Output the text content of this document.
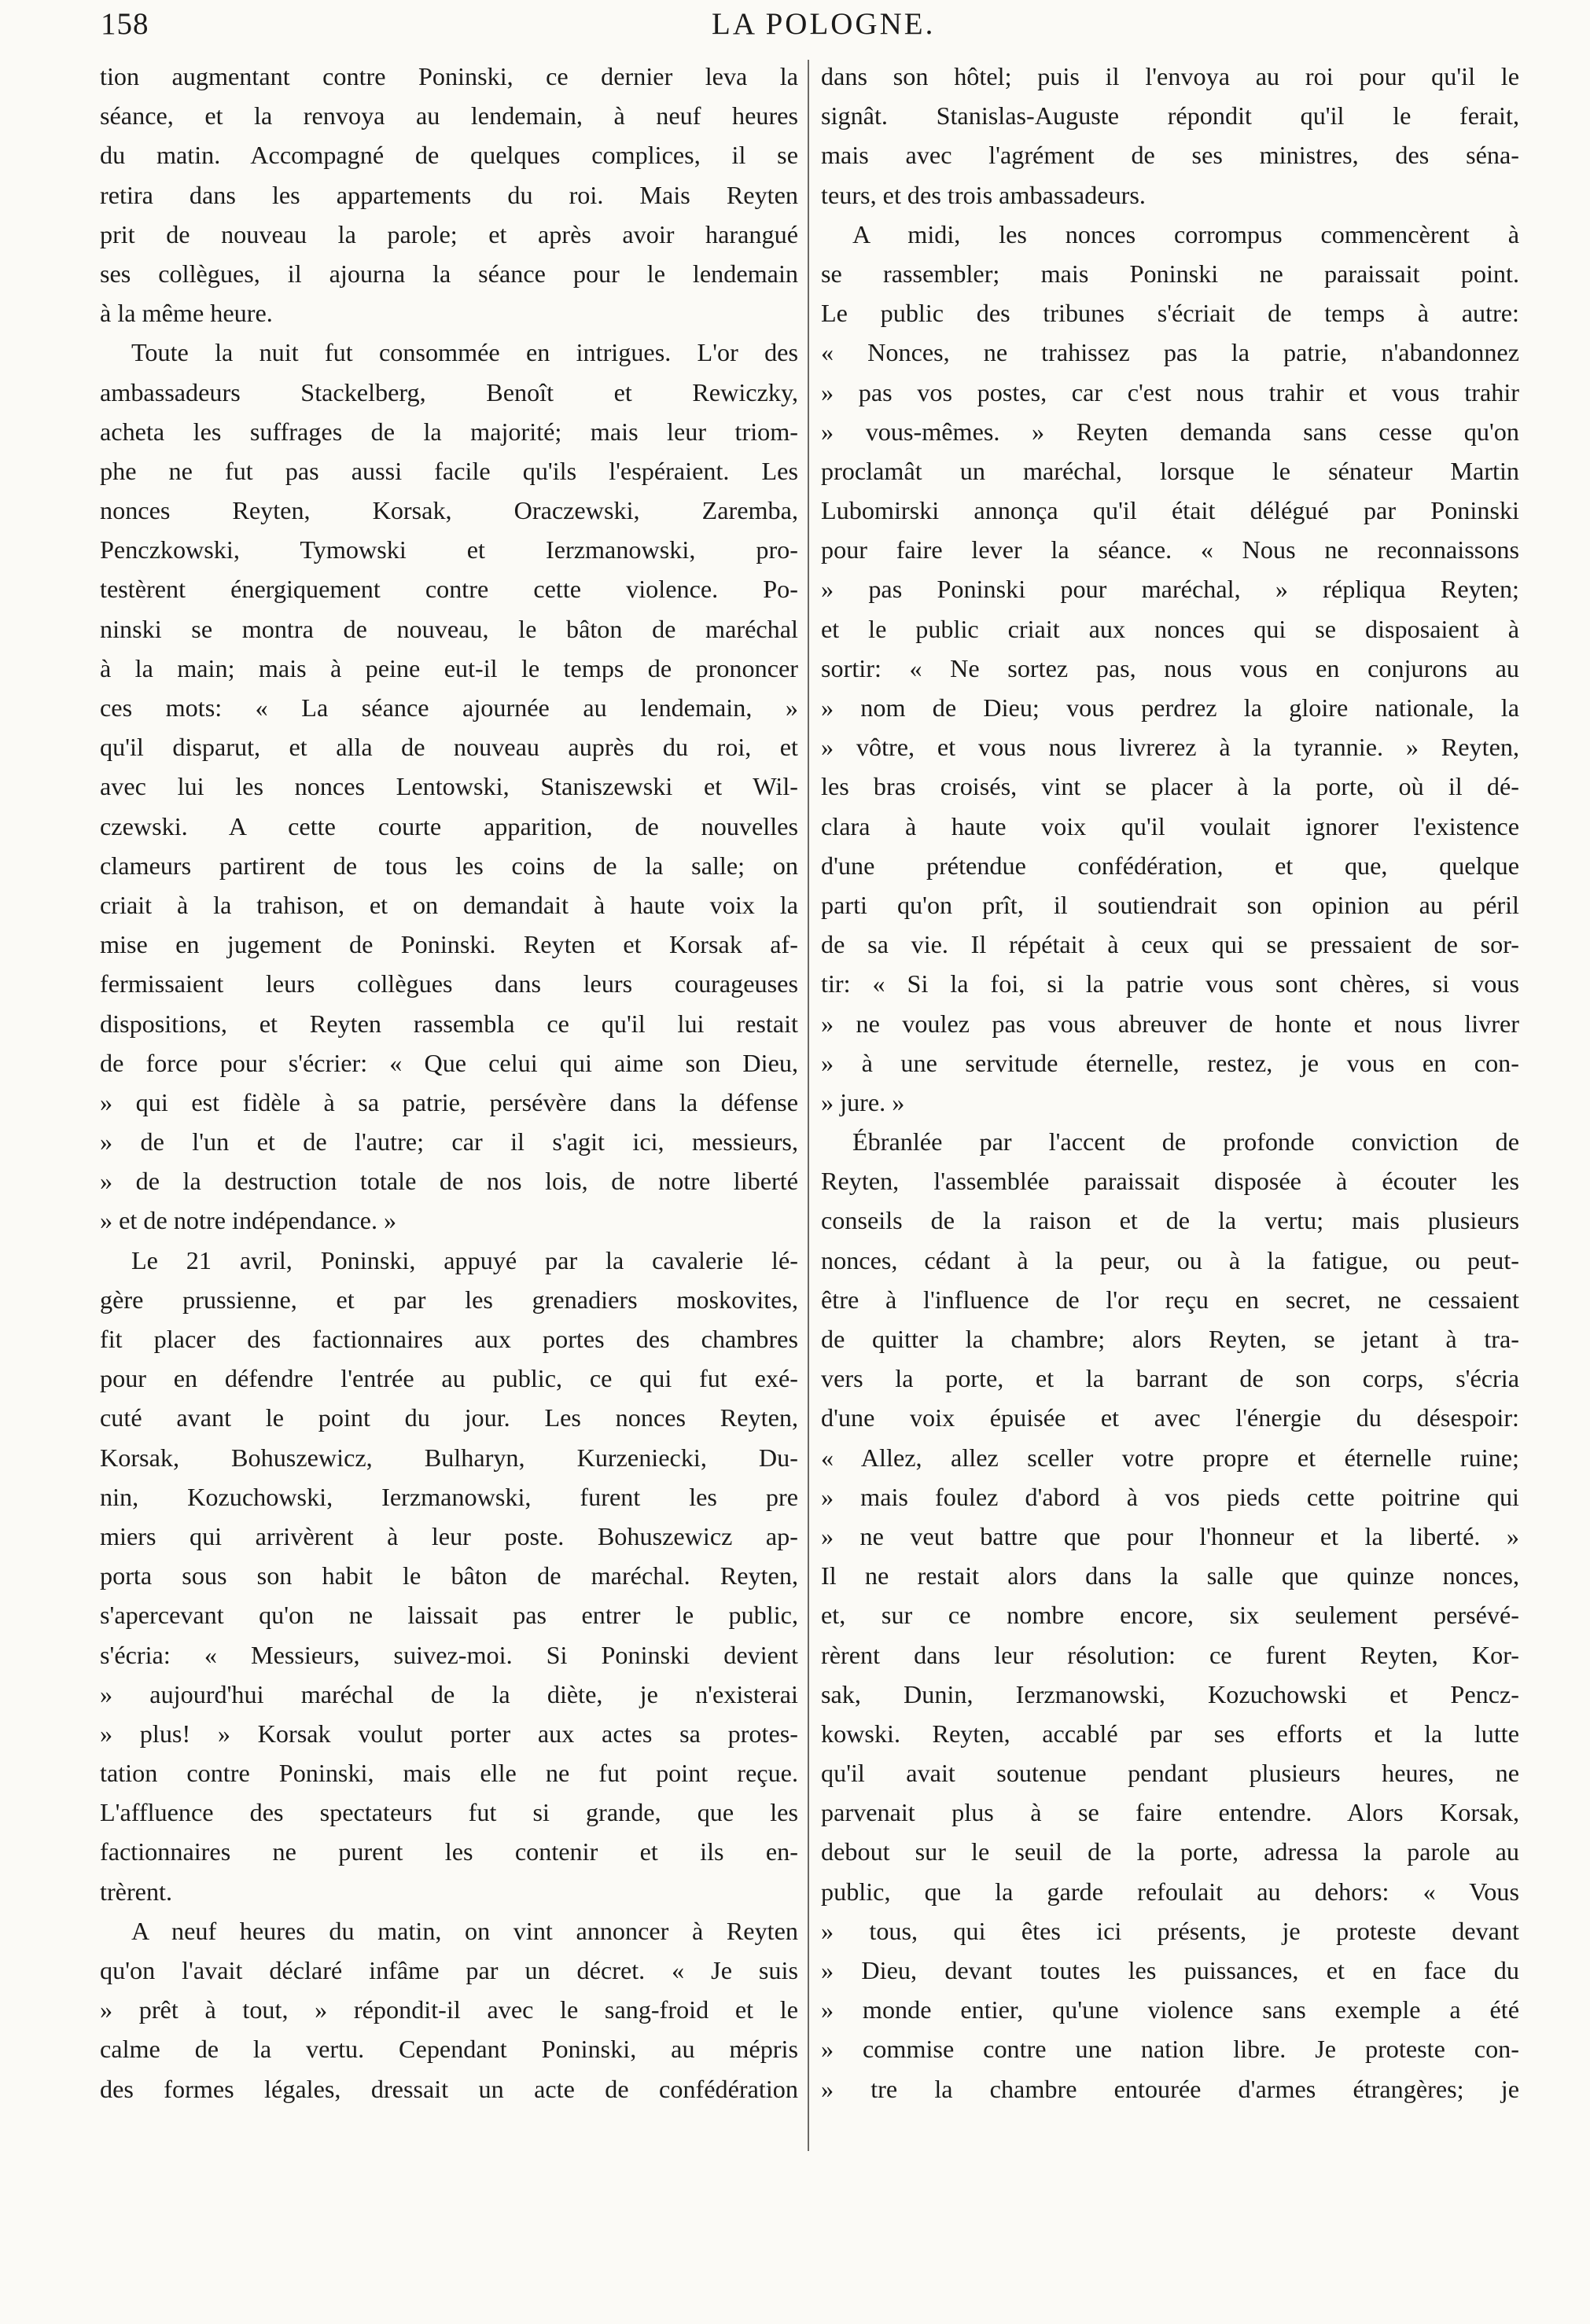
158	LA POLOGNE.
tion augmentant contre Poninski, ce dernier leva la
séance, et la renvoya au lendemain, à neuf heures
du matin. Accompagné de quelques complices, il se
retira dans les appartements du roi. Mais Reyten
prit de nouveau la parole; et après avoir harangué
ses collègues, il ajourna la séance pour le lendemain
à la même heure.
Toute la nuit fut consommée en intrigues. L'or des
ambassadeurs Stackelberg, Benoît et Rewiczky,
acheta les suffrages de la majorité; mais leur triom-
phe ne fut pas aussi facile qu'ils l'espéraient. Les
nonces Reyten, Korsak, Oraczewski, Zaremba,
Penczkowski, Tymowski et Ierzmanowski, pro-
testèrent énergiquement contre cette violence. Po-
ninski se montra de nouveau, le bâton de maréchal
à la main; mais à peine eut-il le temps de prononcer
ces mots: « La séance ajournée au lendemain, »
qu'il disparut, et alla de nouveau auprès du roi, et
avec lui les nonces Lentowski, Staniszewski et Wil-
czewski. A cette courte apparition, de nouvelles
clameurs partirent de tous les coins de la salle; on
criait à la trahison, et on demandait à haute voix la
mise en jugement de Poninski. Reyten et Korsak af-
fermissaient leurs collègues dans leurs courageuses
dispositions, et Reyten rassembla ce qu'il lui restait
de force pour s'écrier: « Que celui qui aime son Dieu,
» qui est fidèle à sa patrie, persévère dans la défense
» de l'un et de l'autre; car il s'agit ici, messieurs,
» de la destruction totale de nos lois, de notre liberté
» et de notre indépendance. »
Le 21 avril, Poninski, appuyé par la cavalerie lé-
gère prussienne, et par les grenadiers moskovites,
fit placer des factionnaires aux portes des chambres
pour en défendre l'entrée au public, ce qui fut exé-
cuté avant le point du jour. Les nonces Reyten,
Korsak, Bohuszewicz, Bulharyn, Kurzeniecki, Du-
nin, Kozuchowski, Ierzmanowski, furent les pre
miers qui arrivèrent à leur poste. Bohuszewicz ap-
porta sous son habit le bâton de maréchal. Reyten,
s'apercevant qu'on ne laissait pas entrer le public,
s'écria: « Messieurs, suivez-moi. Si Poninski devient
» aujourd'hui maréchal de la diète, je n'existerai
» plus! » Korsak voulut porter aux actes sa protes-
tation contre Poninski, mais elle ne fut point reçue.
L'affluence des spectateurs fut si grande, que les
factionnaires ne purent les contenir et ils en-
trèrent.
A neuf heures du matin, on vint annoncer à Reyten
qu'on l'avait déclaré infâme par un décret. « Je suis
» prêt à tout, » répondit-il avec le sang-froid et le
calme de la vertu. Cependant Poninski, au mépris
des formes légales, dressait un acte de confédération
dans son hôtel; puis il l'envoya au roi pour qu'il le
signât. Stanislas-Auguste répondit qu'il le ferait,
mais avec l'agrément de ses ministres, des séna-
teurs, et des trois ambassadeurs.
A midi, les nonces corrompus commencèrent à
se rassembler; mais Poninski ne paraissait point.
Le public des tribunes s'écriait de temps à autre:
« Nonces, ne trahissez pas la patrie, n'abandonnez
» pas vos postes, car c'est nous trahir et vous trahir
» vous-mêmes. » Reyten demanda sans cesse qu'on
proclamât un maréchal, lorsque le sénateur Martin
Lubomirski annonça qu'il était délégué par Poninski
pour faire lever la séance. « Nous ne reconnaissons
» pas Poninski pour maréchal, » répliqua Reyten;
et le public criait aux nonces qui se disposaient à
sortir: « Ne sortez pas, nous vous en conjurons au
» nom de Dieu; vous perdrez la gloire nationale, la
» vôtre, et vous nous livrerez à la tyrannie. » Reyten,
les bras croisés, vint se placer à la porte, où il dé-
clara à haute voix qu'il voulait ignorer l'existence
d'une prétendue confédération, et que, quelque
parti qu'on prît, il soutiendrait son opinion au péril
de sa vie. Il répétait à ceux qui se pressaient de sor-
tir: « Si la foi, si la patrie vous sont chères, si vous
» ne voulez pas vous abreuver de honte et nous livrer
» à une servitude éternelle, restez, je vous en con-
» jure. »
Ébranlée par l'accent de profonde conviction de
Reyten, l'assemblée paraissait disposée à écouter les
conseils de la raison et de la vertu; mais plusieurs
nonces, cédant à la peur, ou à la fatigue, ou peut-
être à l'influence de l'or reçu en secret, ne cessaient
de quitter la chambre; alors Reyten, se jetant à tra-
vers la porte, et la barrant de son corps, s'écria
d'une voix épuisée et avec l'énergie du désespoir:
« Allez, allez sceller votre propre et éternelle ruine;
» mais foulez d'abord à vos pieds cette poitrine qui
» ne veut battre que pour l'honneur et la liberté. »
Il ne restait alors dans la salle que quinze nonces,
et, sur ce nombre encore, six seulement persévé-
rèrent dans leur résolution: ce furent Reyten, Kor-
sak, Dunin, Ierzmanowski, Kozuchowski et Pencz-
kowski. Reyten, accablé par ses efforts et la lutte
qu'il avait soutenue pendant plusieurs heures, ne
parvenait plus à se faire entendre. Alors Korsak,
debout sur le seuil de la porte, adressa la parole au
public, que la garde refoulait au dehors: « Vous
» tous, qui êtes ici présents, je proteste devant
» Dieu, devant toutes les puissances, et en face du
» monde entier, qu'une violence sans exemple a été
» commise contre une nation libre. Je proteste con-
» tre la chambre entourée d'armes étrangères; je
